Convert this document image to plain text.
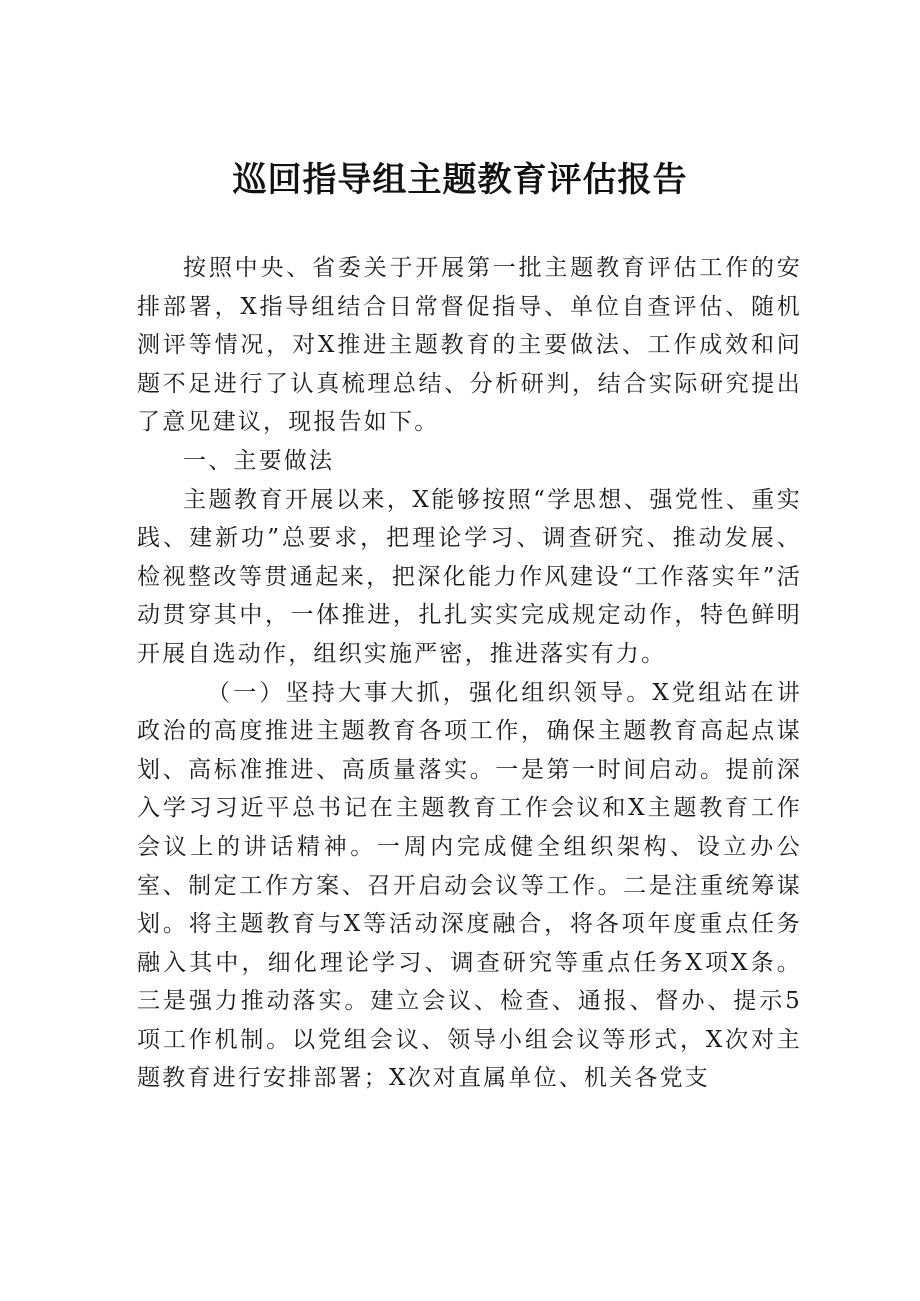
巡回指导组主题教育评估报告

按照中央、省委关于开展第一批主题教育评估工作的安排部署，X指导组结合日常督促指导、单位自查评估、随机测评等情况，对X推进主题教育的主要做法、工作成效和问题不足进行了认真梳理总结、分析研判，结合实际研究提出了意见建议，现报告如下。

一、主要做法

主题教育开展以来，X能够按照“学思想、强党性、重实践、建新功”总要求，把理论学习、调查研究、推动发展、检视整改等贯通起来，把深化能力作风建设“工作落实年”活动贯穿其中，一体推进，扎扎实实完成规定动作，特色鲜明开展自选动作，组织实施严密，推进落实有力。

（一）坚持大事大抓，强化组织领导。X党组站在讲政治的高度推进主题教育各项工作，确保主题教育高起点谋划、高标准推进、高质量落实。一是第一时间启动。提前深入学习习近平总书记在主题教育工作会议和X主题教育工作会议上的讲话精神。一周内完成健全组织架构、设立办公室、制定工作方案、召开启动会议等工作。二是注重统筹谋划。将主题教育与X等活动深度融合，将各项年度重点任务融入其中，细化理论学习、调查研究等重点任务X项X条。三是强力推动落实。建立会议、检查、通报、督办、提示5项工作机制。以党组会议、领导小组会议等形式，X次对主题教育进行安排部署；X次对直属单位、机关各党支
